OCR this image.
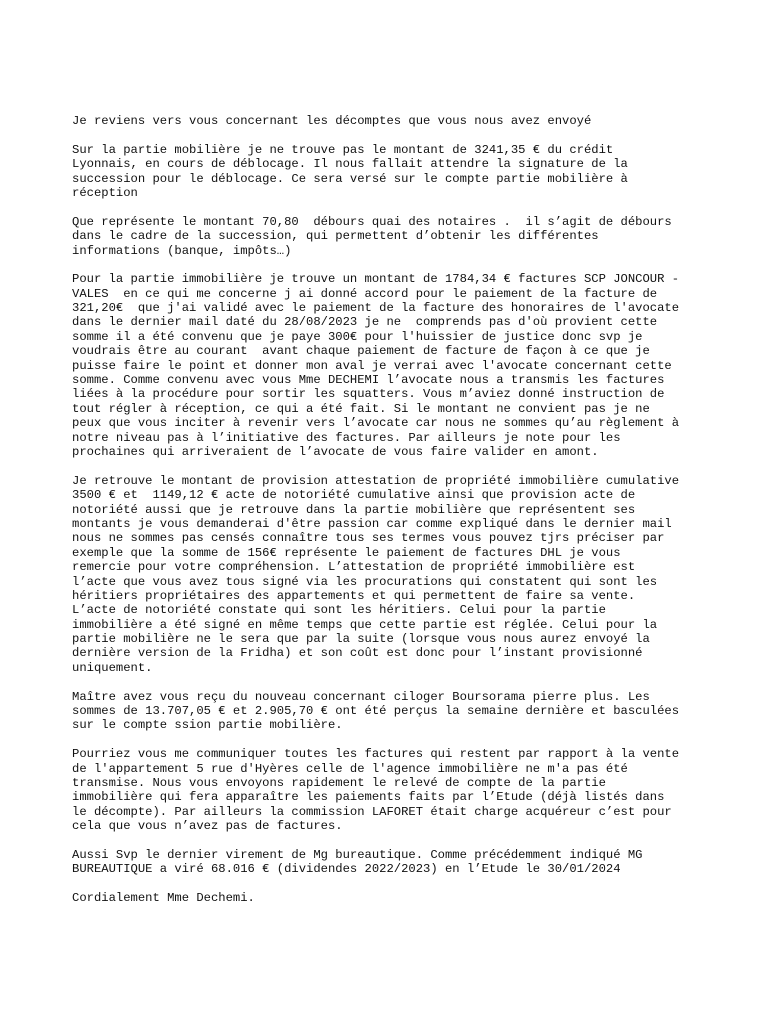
Je reviens vers vous concernant les décomptes que vous nous avez envoyé
Sur la partie mobilière je ne trouve pas le montant de 3241,35 € du crédit
Lyonnais, en cours de déblocage. Il nous fallait attendre la signature de la
succession pour le déblocage. Ce sera versé sur le compte partie mobilière à
réception
Que représente le montant 70,80  débours quai des notaires .  il s’agit de débours
dans le cadre de la succession, qui permettent d’obtenir les différentes
informations (banque, impôts…)
Pour la partie immobilière je trouve un montant de 1784,34 € factures SCP JONCOUR -
VALES  en ce qui me concerne j ai donné accord pour le paiement de la facture de
321,20€  que j'ai validé avec le paiement de la facture des honoraires de l'avocate
dans le dernier mail daté du 28/08/2023 je ne  comprends pas d'où provient cette
somme il a été convenu que je paye 300€ pour l'huissier de justice donc svp je
voudrais être au courant  avant chaque paiement de facture de façon à ce que je
puisse faire le point et donner mon aval je verrai avec l'avocate concernant cette
somme. Comme convenu avec vous Mme DECHEMI l’avocate nous a transmis les factures
liées à la procédure pour sortir les squatters. Vous m’aviez donné instruction de
tout régler à réception, ce qui a été fait. Si le montant ne convient pas je ne
peux que vous inciter à revenir vers l’avocate car nous ne sommes qu’au règlement à
notre niveau pas à l’initiative des factures. Par ailleurs je note pour les
prochaines qui arriveraient de l’avocate de vous faire valider en amont.
Je retrouve le montant de provision attestation de propriété immobilière cumulative
3500 € et  1149,12 € acte de notoriété cumulative ainsi que provision acte de
notoriété aussi que je retrouve dans la partie mobilière que représentent ses
montants je vous demanderai d'être passion car comme expliqué dans le dernier mail
nous ne sommes pas censés connaître tous ses termes vous pouvez tjrs préciser par
exemple que la somme de 156€ représente le paiement de factures DHL je vous
remercie pour votre compréhension. L’attestation de propriété immobilière est
l’acte que vous avez tous signé via les procurations qui constatent qui sont les
héritiers propriétaires des appartements et qui permettent de faire sa vente.
L’acte de notoriété constate qui sont les héritiers. Celui pour la partie
immobilière a été signé en même temps que cette partie est réglée. Celui pour la
partie mobilière ne le sera que par la suite (lorsque vous nous aurez envoyé la
dernière version de la Fridha) et son coût est donc pour l’instant provisionné
uniquement.
Maître avez vous reçu du nouveau concernant ciloger Boursorama pierre plus. Les
sommes de 13.707,05 € et 2.905,70 € ont été perçus la semaine dernière et basculées
sur le compte ssion partie mobilière.
Pourriez vous me communiquer toutes les factures qui restent par rapport à la vente
de l'appartement 5 rue d'Hyères celle de l'agence immobilière ne m'a pas été
transmise. Nous vous envoyons rapidement le relevé de compte de la partie
immobilière qui fera apparaître les paiements faits par l’Etude (déjà listés dans
le décompte). Par ailleurs la commission LAFORET était charge acquéreur c’est pour
cela que vous n’avez pas de factures.
Aussi Svp le dernier virement de Mg bureautique. Comme précédemment indiqué MG
BUREAUTIQUE a viré 68.016 € (dividendes 2022/2023) en l’Etude le 30/01/2024
Cordialement Mme Dechemi.
